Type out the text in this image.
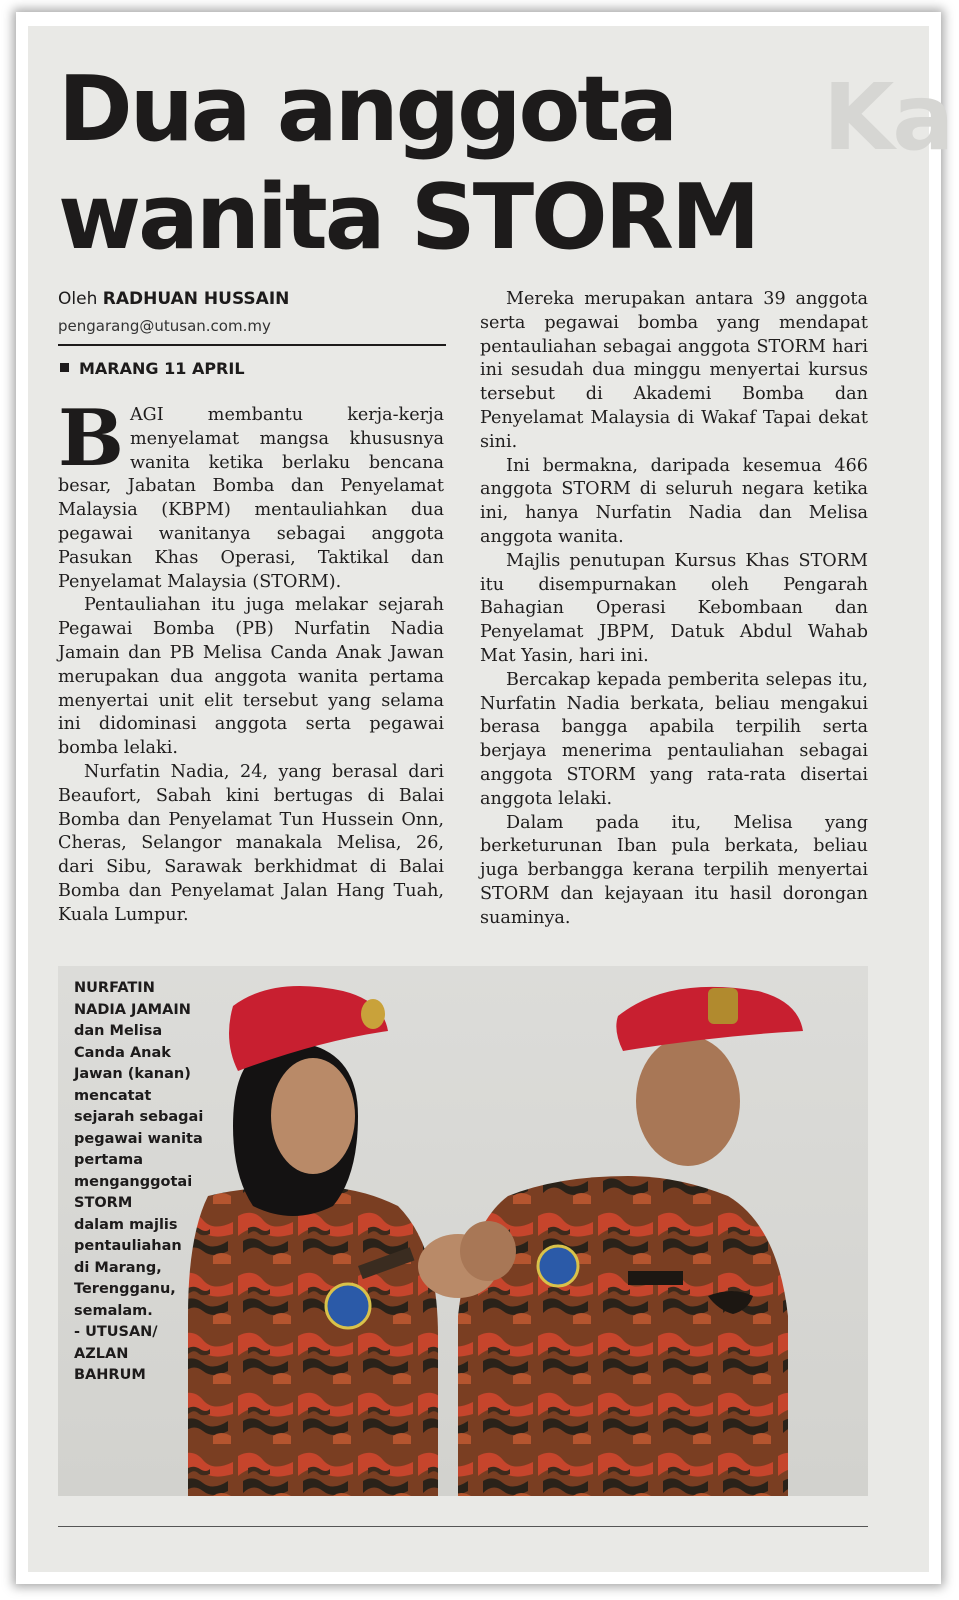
Ka
Dua anggota
wanita STORM
Oleh RADHUAN HUSSAIN
pengarang@utusan.com.my
MARANG 11 APRIL

BAGI membantu kerja-kerja menyelamat mangsa khususnya wanita ketika berlaku bencana besar, Jabatan Bomba dan Penyelamat Malaysia (KBPM) mentauliahkan dua pegawai wanitanya sebagai anggota Pasukan Khas Operasi, Taktikal dan Penyelamat Malaysia (STORM).

Pentauliahan itu juga melakar sejarah Pegawai Bomba (PB) Nurfatin Nadia Jamain dan PB Melisa Canda Anak Jawan merupakan dua anggota wanita pertama menyertai unit elit tersebut yang selama ini didominasi anggota serta pegawai bomba lelaki.

Nurfatin Nadia, 24, yang berasal dari Beaufort, Sabah kini bertugas di Balai Bomba dan Penyelamat Tun Hussein Onn, Cheras, Selangor manakala Melisa, 26, dari Sibu, Sarawak berkhidmat di Balai Bomba dan Penyelamat Jalan Hang Tuah, Kuala Lumpur.

Mereka merupakan antara 39 anggota serta pegawai bomba yang mendapat pentauliahan sebagai anggota STORM hari ini sesudah dua minggu menyertai kursus tersebut di Akademi Bomba dan Penyelamat Malaysia di Wakaf Tapai dekat sini.

Ini bermakna, daripada kesemua 466 anggota STORM di seluruh negara ketika ini, hanya Nurfatin Nadia dan Melisa anggota wanita.

Majlis penutupan Kursus Khas STORM itu disempurnakan oleh Pengarah Bahagian Operasi Kebombaan dan Penyelamat JBPM, Datuk Abdul Wahab Mat Yasin, hari ini.

Bercakap kepada pemberita selepas itu, Nurfatin Nadia berkata, beliau mengakui berasa bangga apabila terpilih serta berjaya menerima pentauliahan sebagai anggota STORM yang rata-rata disertai anggota lelaki.

Dalam pada itu, Melisa yang berketurunan Iban pula berkata, beliau juga berbangga kerana terpilih menyertai STORM dan kejayaan itu hasil dorongan suaminya.

NURFATIN
NADIA JAMAIN
dan Melisa
Canda Anak
Jawan (kanan)
mencatat
sejarah sebagai
pegawai wanita
pertama
menganggotai
STORM
dalam majlis
pentauliahan
di Marang,
Terengganu,
semalam.
- UTUSAN/
AZLAN
BAHRUM
